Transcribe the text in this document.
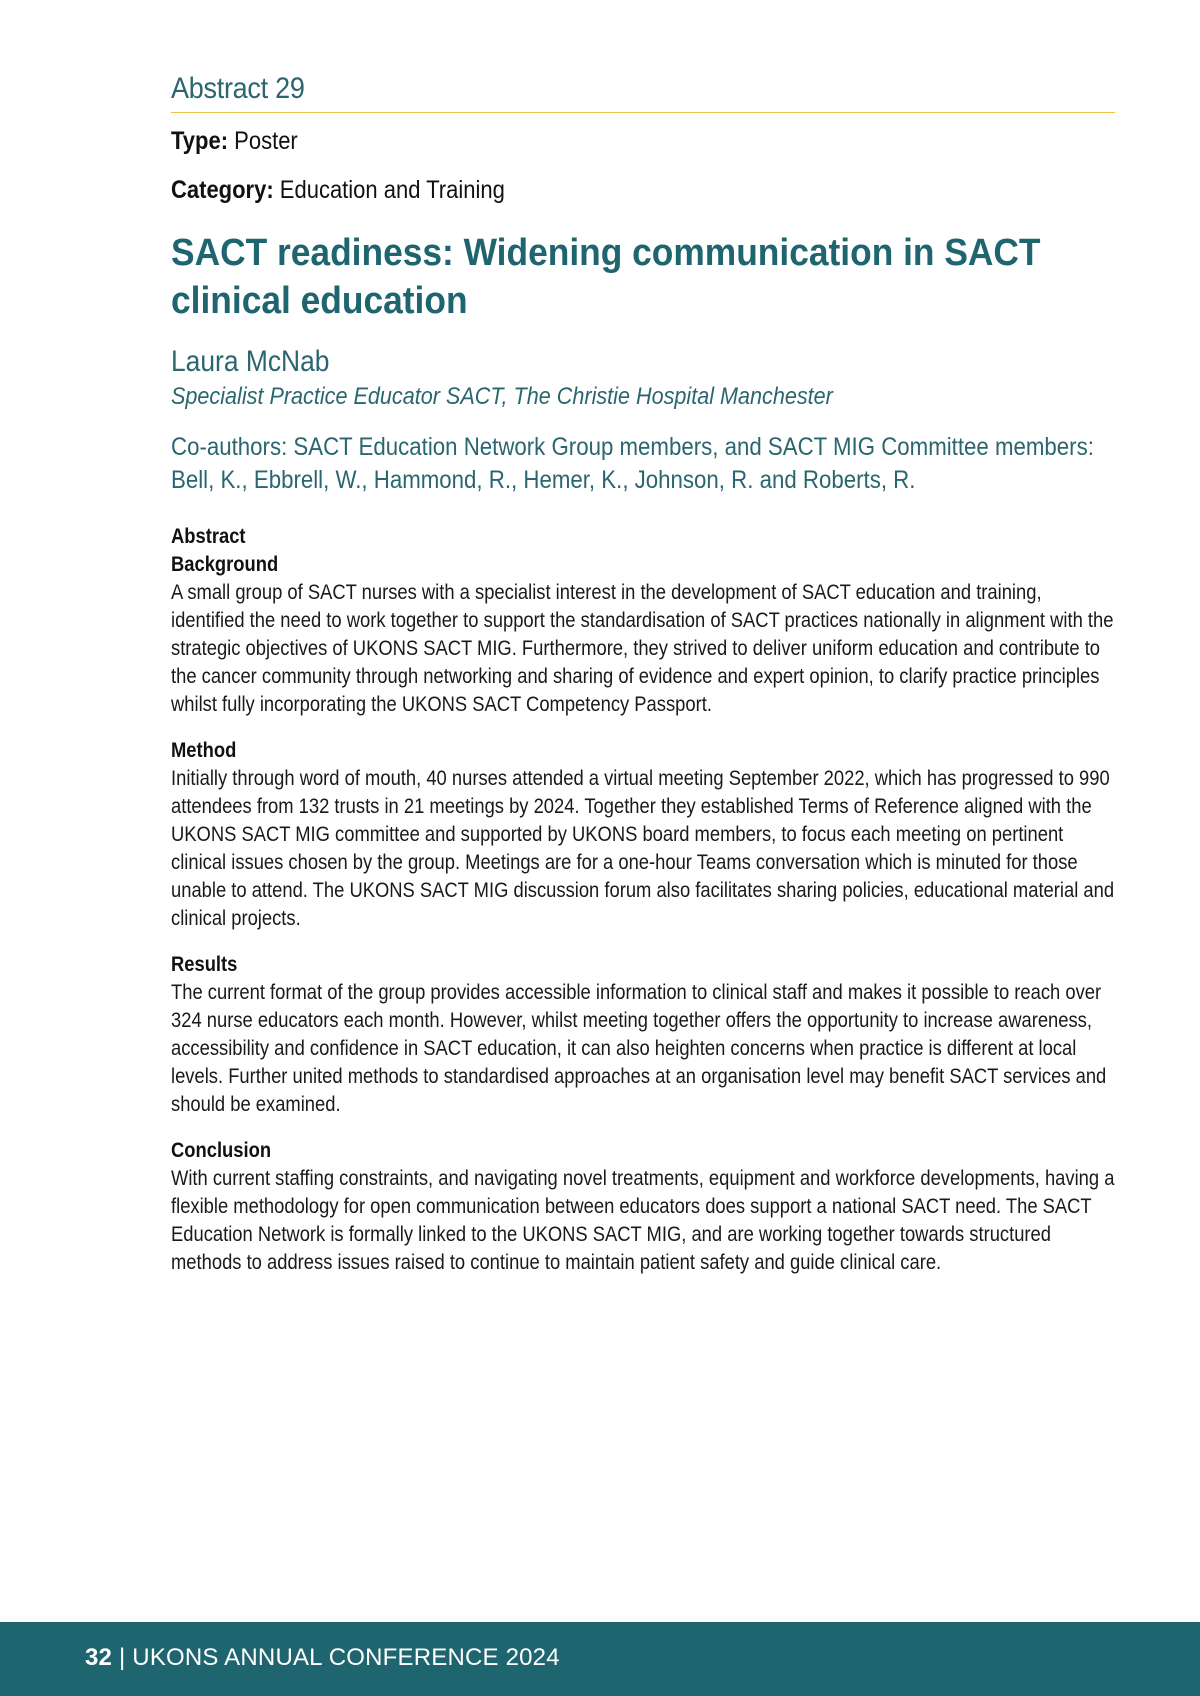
Abstract 29
Type: Poster
Category: Education and Training
SACT readiness: Widening communication in SACT clinical education
Laura McNab
Specialist Practice Educator SACT, The Christie Hospital Manchester
Co-authors: SACT Education Network Group members, and SACT MIG Committee members: Bell, K., Ebbrell, W., Hammond, R., Hemer, K., Johnson, R. and Roberts, R.
Abstract
Background

A small group of SACT nurses with a specialist interest in the development of SACT education and training, identified the need to work together to support the standardisation of SACT practices nationally in alignment with the strategic objectives of UKONS SACT MIG. Furthermore, they strived to deliver uniform education and contribute to the cancer community through networking and sharing of evidence and expert opinion, to clarify practice principles whilst fully incorporating the UKONS SACT Competency Passport.

Method

Initially through word of mouth, 40 nurses attended a virtual meeting September 2022, which has progressed to 990 attendees from 132 trusts in 21 meetings by 2024. Together they established Terms of Reference aligned with the UKONS SACT MIG committee and supported by UKONS board members, to focus each meeting on pertinent clinical issues chosen by the group. Meetings are for a one-hour Teams conversation which is minuted for those unable to attend. The UKONS SACT MIG discussion forum also facilitates sharing policies, educational material and clinical projects.

Results

The current format of the group provides accessible information to clinical staff and makes it possible to reach over 324 nurse educators each month. However, whilst meeting together offers the opportunity to increase awareness, accessibility and confidence in SACT education, it can also heighten concerns when practice is different at local levels. Further united methods to standardised approaches at an organisation level may benefit SACT services and should be examined.

Conclusion

With current staffing constraints, and navigating novel treatments, equipment and workforce developments, having a flexible methodology for open communication between educators does support a national SACT need. The SACT Education Network is formally linked to the UKONS SACT MIG, and are working together towards structured methods to address issues raised to continue to maintain patient safety and guide clinical care.

32 | UKONS ANNUAL CONFERENCE 2024
